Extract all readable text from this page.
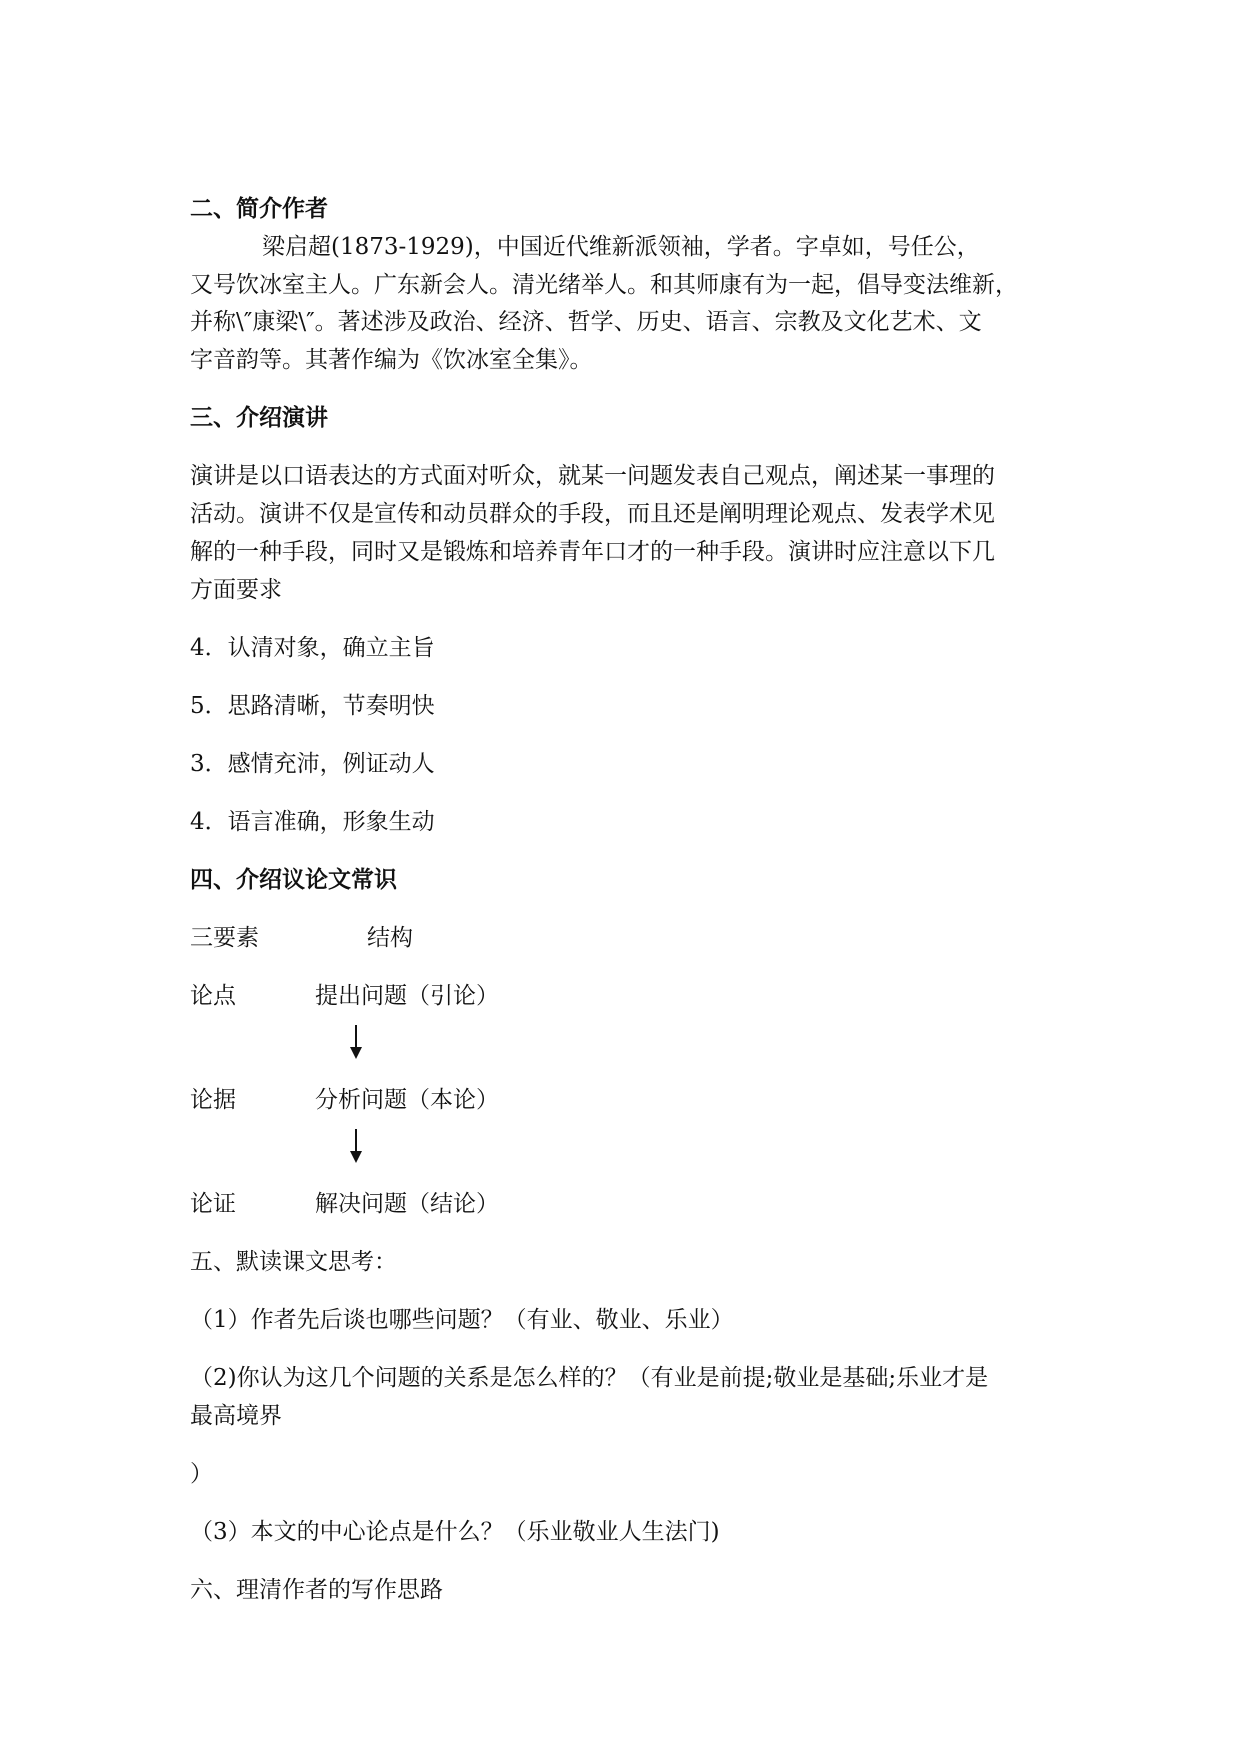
二、简介作者
梁启超(1873-1929)，中国近代维新派领袖，学者。字卓如，号任公，
又号饮冰室主人。广东新会人。清光绪举人。和其师康有为一起，倡导变法维新，
并称\″康梁\″。著述涉及政治、经济、哲学、历史、语言、宗教及文化艺术、文
字音韵等。其著作编为《饮冰室全集》。
三、介绍演讲
演讲是以口语表达的方式面对听众，就某一问题发表自己观点，阐述某一事理的
活动。演讲不仅是宣传和动员群众的手段，而且还是阐明理论观点、发表学术见
解的一种手段，同时又是锻炼和培养青年口才的一种手段。演讲时应注意以下几
方面要求
4．认清对象，确立主旨
5．思路清晰，节奏明快
3．感情充沛，例证动人
4．语言准确，形象生动
四、介绍议论文常识
三要素	结构
论点	提出问题（引论）
论据	分析问题（本论）
论证	解决问题（结论）
五、默读课文思考：
（1）作者先后谈也哪些问题？（有业、敬业、乐业）
（2)你认为这几个问题的关系是怎么样的？（有业是前提;敬业是基础;乐业才是
最高境界
）
（3）本文的中心论点是什么？（乐业敬业人生法门)
六、理清作者的写作思路
